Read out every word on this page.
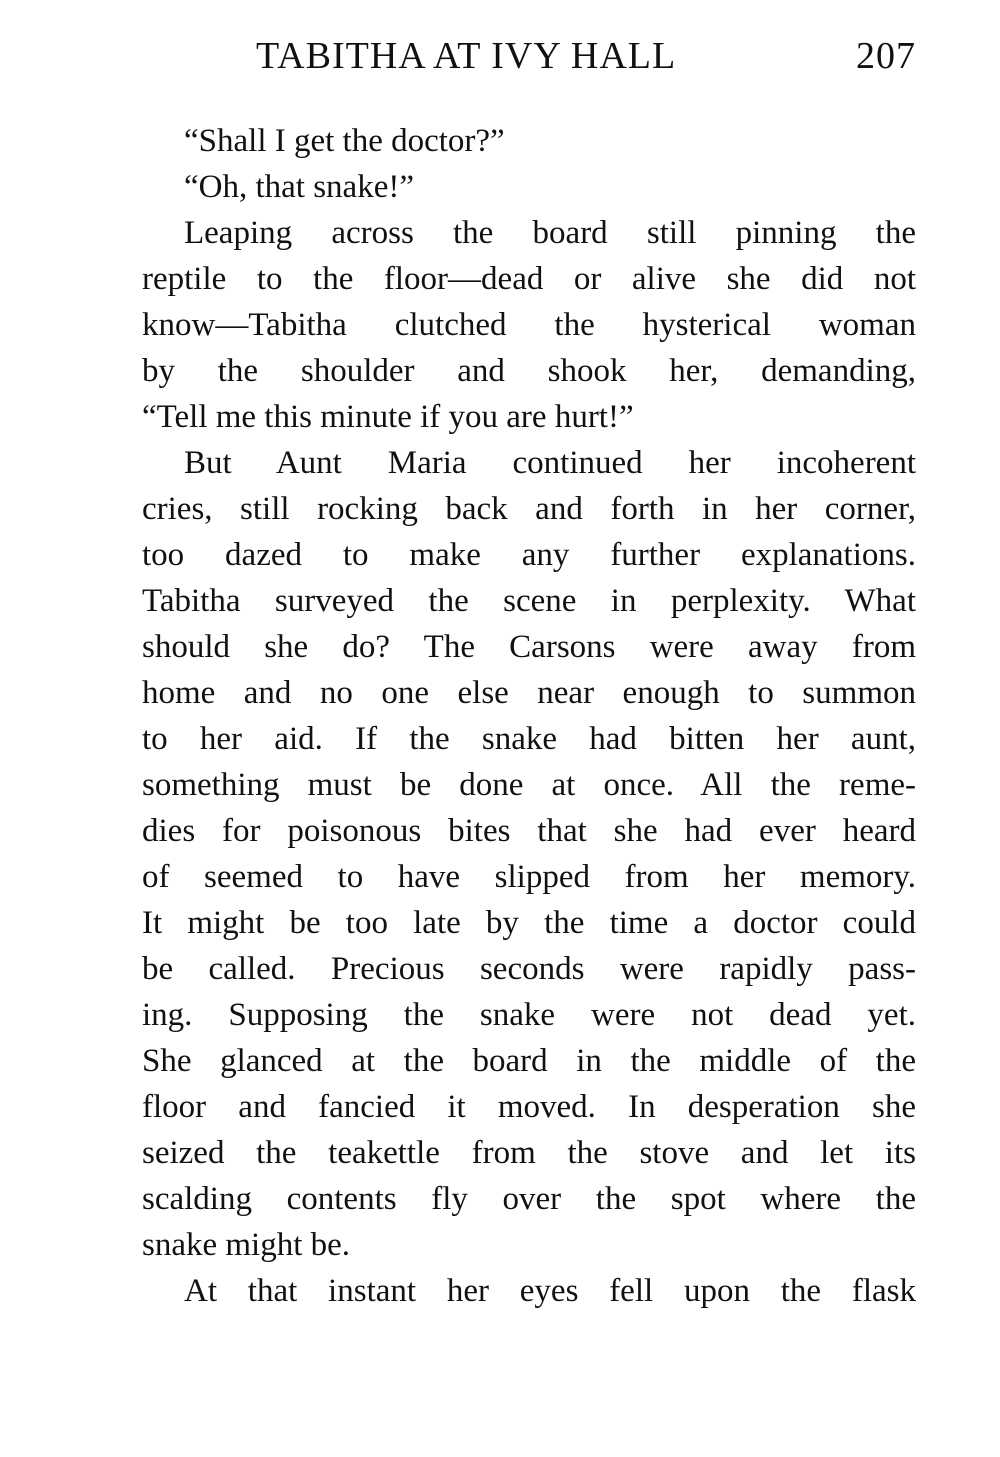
TABITHA AT IVY HALL	207
“Shall I get the doctor?”
“Oh, that snake!”
Leaping across the board still pinning the
reptile to the floor—dead or alive she did not
know—Tabitha clutched the hysterical woman
by the shoulder and shook her, demanding,
“Tell me this minute if you are hurt!”
But Aunt Maria continued her incoherent
cries, still rocking back and forth in her corner,
too dazed to make any further explanations.
Tabitha surveyed the scene in perplexity. What
should she do? The Carsons were away from
home and no one else near enough to summon
to her aid. If the snake had bitten her aunt,
something must be done at once. All the reme-
dies for poisonous bites that she had ever heard
of seemed to have slipped from her memory.
It might be too late by the time a doctor could
be called. Precious seconds were rapidly pass-
ing. Supposing the snake were not dead yet.
She glanced at the board in the middle of the
floor and fancied it moved. In desperation she
seized the teakettle from the stove and let its
scalding contents fly over the spot where the
snake might be.
At that instant her eyes fell upon the flask
